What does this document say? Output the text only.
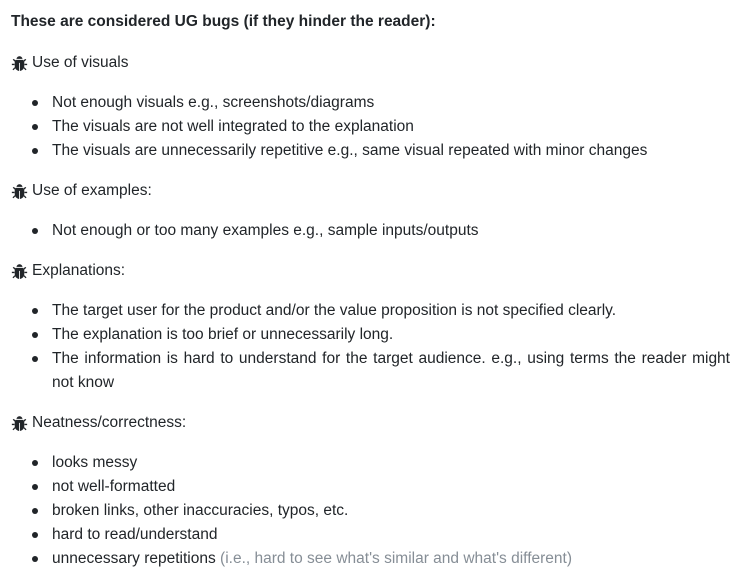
These are considered UG bugs (if they hinder the reader):
Use of visuals
Not enough visuals e.g., screenshots/diagrams
The visuals are not well integrated to the explanation
The visuals are unnecessarily repetitive e.g., same visual repeated with minor changes
Use of examples:
Not enough or too many examples e.g., sample inputs/outputs
Explanations:
The target user for the product and/or the value proposition is not specified clearly.
The explanation is too brief or unnecessarily long.
The information is hard to understand for the target audience. e.g., using terms the reader might not know
Neatness/correctness:
looks messy
not well-formatted
broken links, other inaccuracies, typos, etc.
hard to read/understand
unnecessary repetitions (i.e., hard to see what's similar and what's different)
